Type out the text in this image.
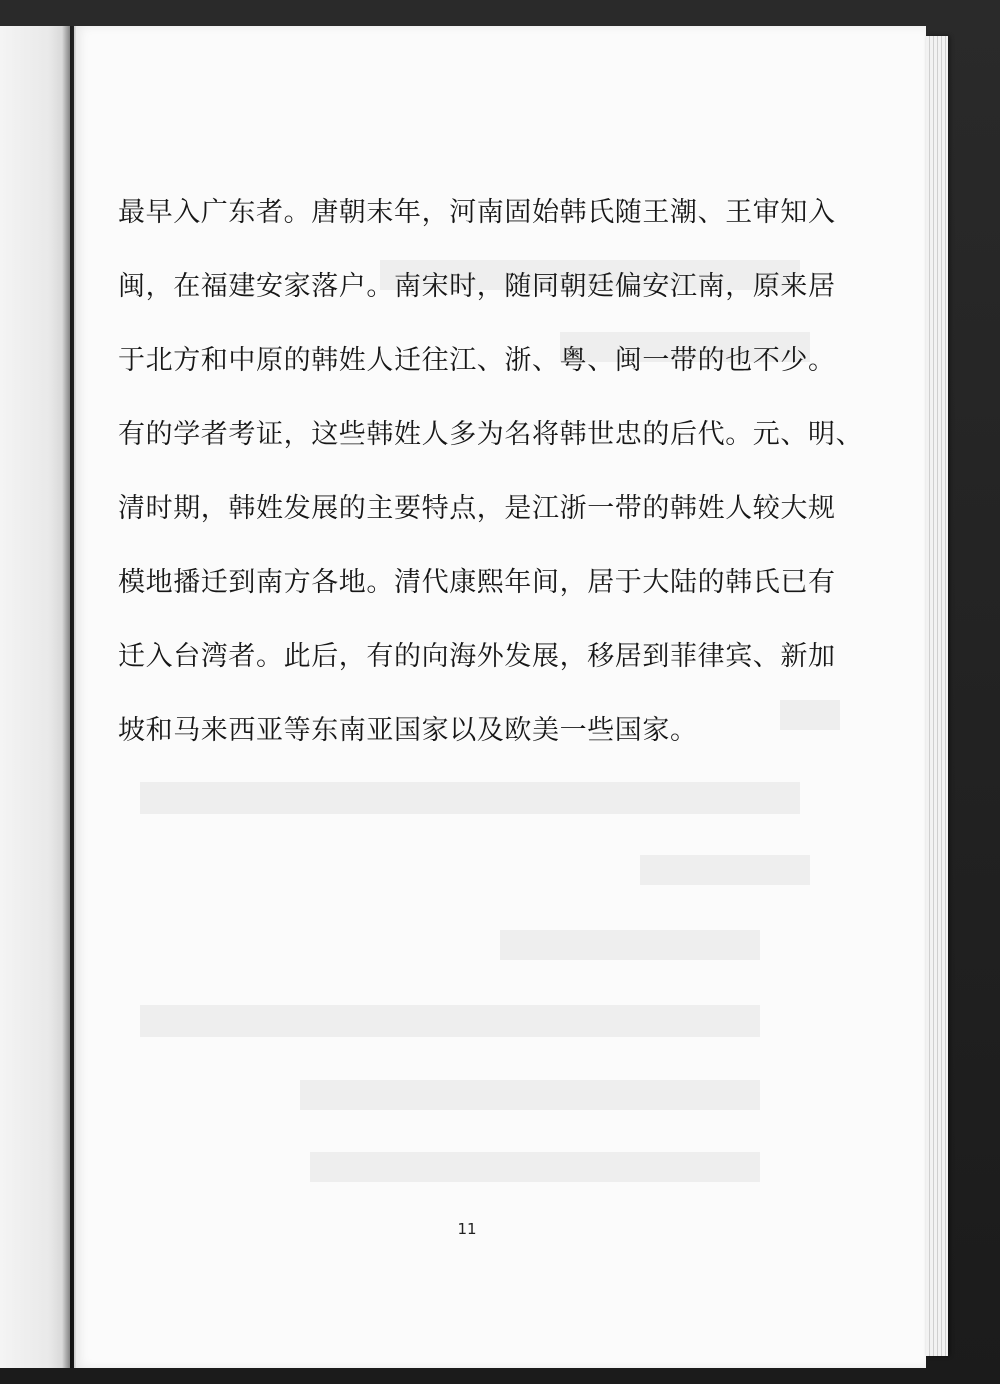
最早入广东者。唐朝末年，河南固始韩氏随王潮、王审知入
闽，在福建安家落户。南宋时，随同朝廷偏安江南，原来居
于北方和中原的韩姓人迁往江、浙、粤、闽一带的也不少。
有的学者考证，这些韩姓人多为名将韩世忠的后代。元、明、
清时期，韩姓发展的主要特点，是江浙一带的韩姓人较大规
模地播迁到南方各地。清代康熙年间，居于大陆的韩氏已有
迁入台湾者。此后，有的向海外发展，移居到菲律宾、新加
坡和马来西亚等东南亚国家以及欧美一些国家。
11
